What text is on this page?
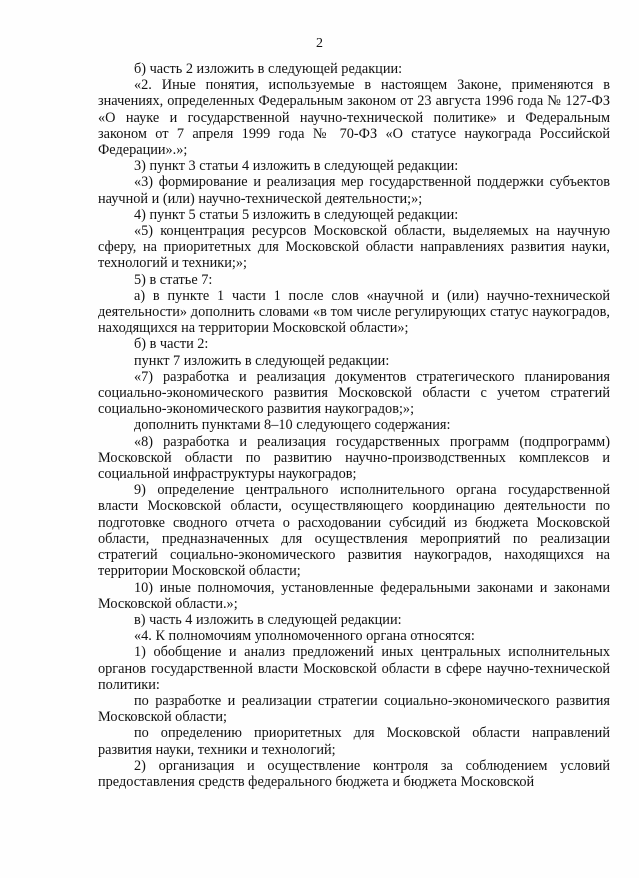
2

б) часть 2 изложить в следующей редакции:

«2. Иные понятия, используемые в настоящем Законе, применяются в значениях, определенных Федеральным законом от 23 августа 1996 года № 127-ФЗ «О науке и государственной научно-технической политике» и Федеральным законом от 7 апреля 1999 года № 70-ФЗ «О статусе наукограда Российской Федерации».»;

3) пункт 3 статьи 4 изложить в следующей редакции:

«3) формирование и реализация мер государственной поддержки субъектов научной и (или) научно-технической деятельности;»;

4) пункт 5 статьи 5 изложить в следующей редакции:

«5) концентрация ресурсов Московской области, выделяемых на научную сферу, на приоритетных для Московской области направлениях развития науки, технологий и техники;»;

5) в статье 7:

а) в пункте 1 части 1 после слов «научной и (или) научно-технической деятельности» дополнить словами «в том числе регулирующих статус наукоградов, находящихся на территории Московской области»;

б) в части 2:

пункт 7 изложить в следующей редакции:

«7) разработка и реализация документов стратегического планирования социально-экономического развития Московской области с учетом стратегий социально-экономического развития наукоградов;»;

дополнить пунктами 8–10 следующего содержания:

«8) разработка и реализация государственных программ (подпрограмм) Московской области по развитию научно-производственных комплексов и социальной инфраструктуры наукоградов;

9) определение центрального исполнительного органа государственной власти Московской области, осуществляющего координацию деятельности по подготовке сводного отчета о расходовании субсидий из бюджета Московской области, предназначенных для осуществления мероприятий по реализации стратегий социально-экономического развития наукоградов, находящихся на территории Московской области;

10) иные полномочия, установленные федеральными законами и законами Московской области.»;

в) часть 4 изложить в следующей редакции:

«4. К полномочиям уполномоченного органа относятся:

1) обобщение и анализ предложений иных центральных исполнительных органов государственной власти Московской области в сфере научно-технической политики:

по разработке и реализации стратегии социально-экономического развития Московской области;

по определению приоритетных для Московской области направлений развития науки, техники и технологий;

2) организация и осуществление контроля за соблюдением условий предоставления средств федерального бюджета и бюджета Московской
